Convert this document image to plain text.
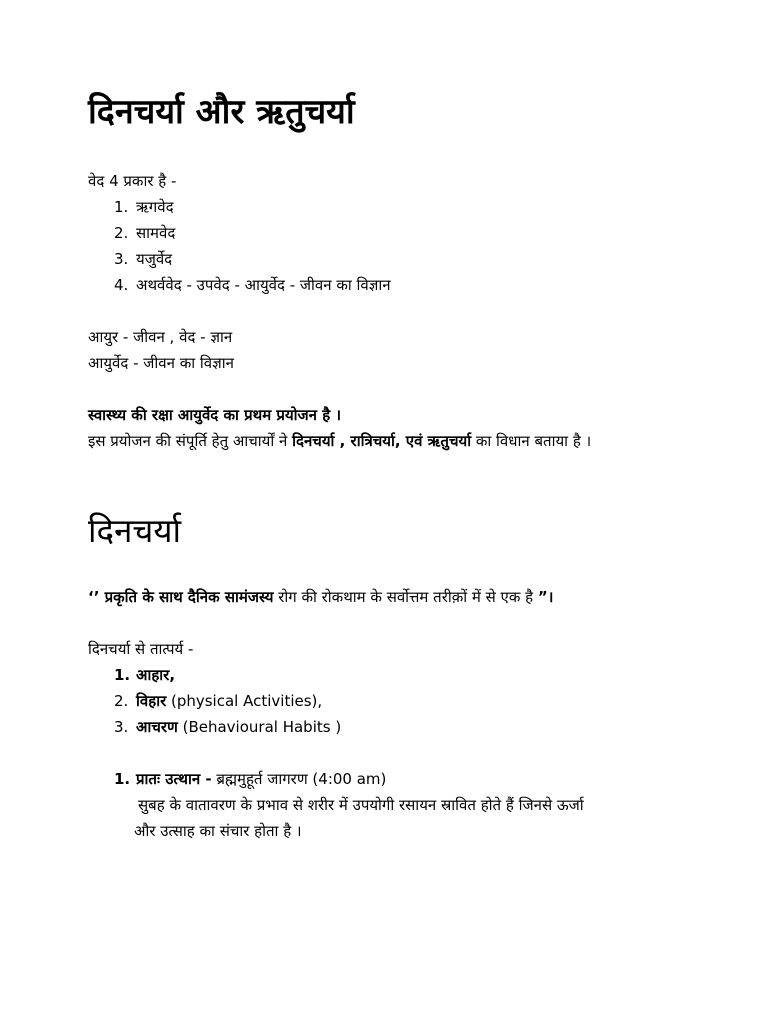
दिनचर्या और ऋतुचर्या
वेद 4 प्रकार है -
1. ऋगवेद
2. सामवेद
3. यजुर्वेद
4. अथर्ववेद - उपवेद - आयुर्वेद - जीवन का विज्ञान
आयुर - जीवन , वेद - ज्ञान
आयुर्वेद - जीवन का विज्ञान
स्वास्थ्य की रक्षा आयुर्वेद का प्रथम प्रयोजन है ।
इस प्रयोजन की संपूर्ति हेतु आचार्यों ने दिनचर्या , रात्रिचर्या, एवं ऋतुचर्या का विधान बताया है ।
दिनचर्या
‘’ प्रकृति के साथ दैनिक सामंजस्य रोग की रोकथाम के सर्वोत्तम तरीक़ों में से एक है ”।
दिनचर्या से तात्पर्य -
1. आहार,
2. विहार (physical Activities),
3. आचरण (Behavioural Habits )
1. प्रातः उत्थान - ब्रह्ममुहूर्त जागरण (4:00 am)
सुबह के वातावरण के प्रभाव से शरीर में उपयोगी रसायन स्रावित होते हैं जिनसे ऊर्जा
और उत्साह का संचार होता है ।
